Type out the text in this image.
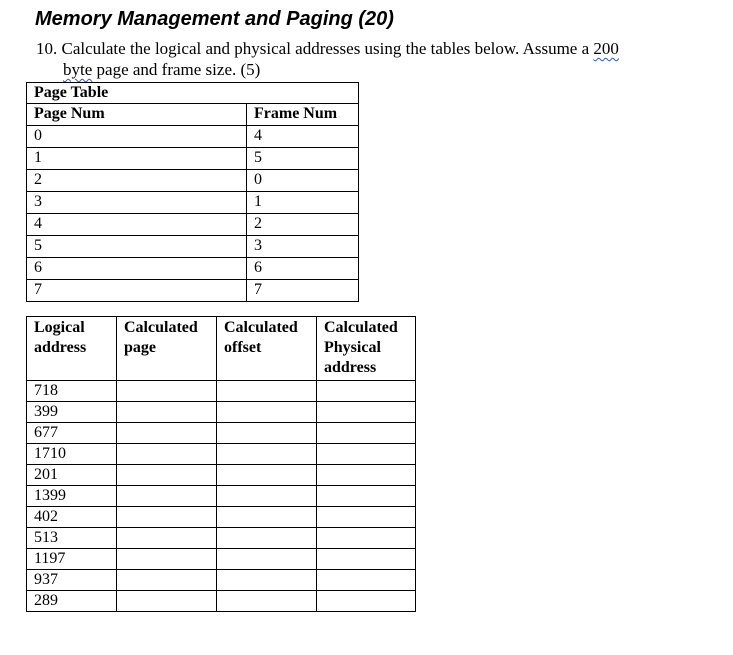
Memory Management and Paging (20)
10. Calculate the logical and physical addresses using the tables below. Assume a 200
byte page and frame size. (5)
Page Table	
Page Num	Frame Num
0	4
1	5
2	0
3	1
4	2
5	3
6	6
7	7
Logical address	Calculated page	Calculated offset	Calculated Physical address
718			
399			
677			
1710			
201			
1399			
402			
513			
1197			
937			
289			
